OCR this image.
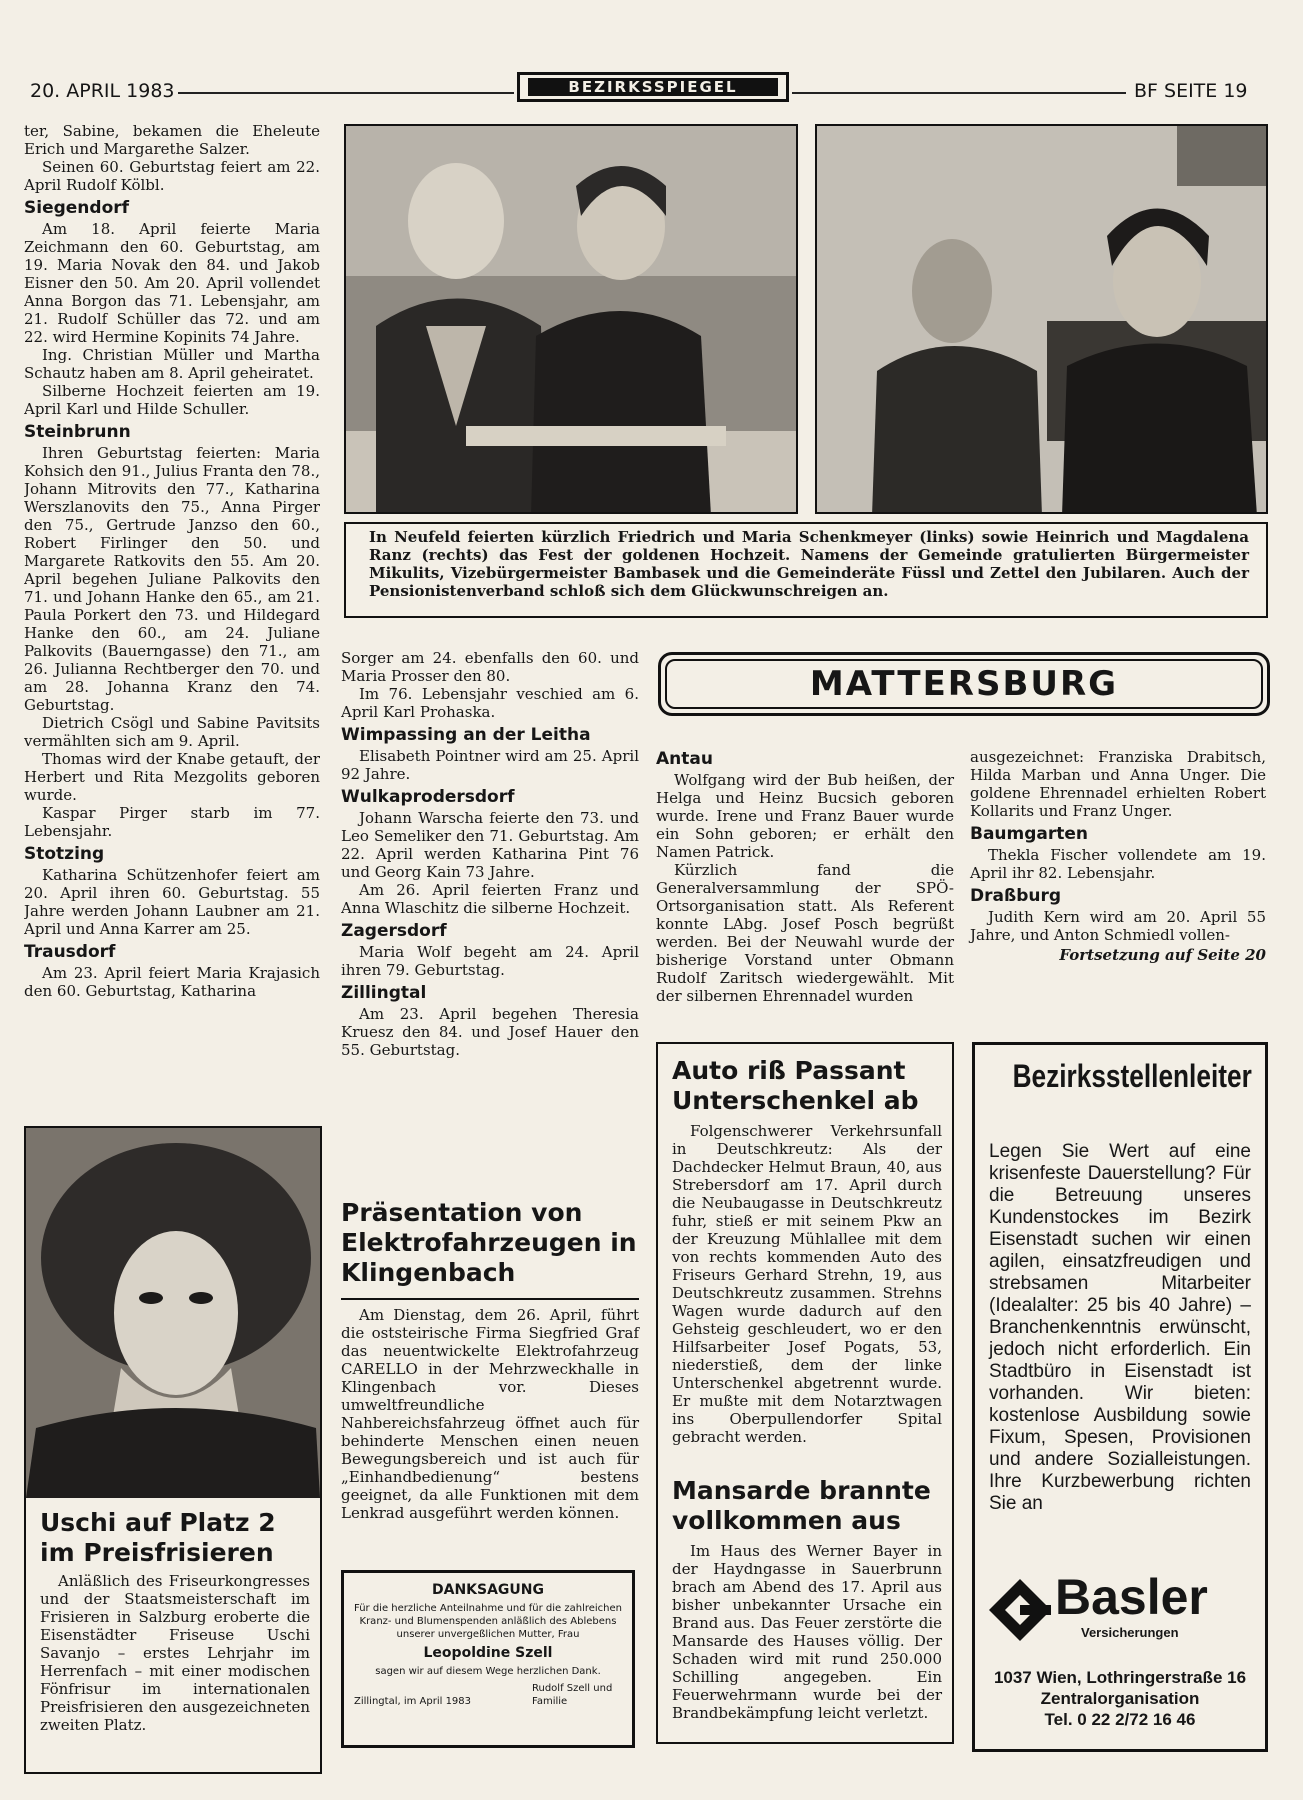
20. APRIL 1983	BEZIRKSSPIEGEL	BF SEITE 19

ter, Sabine, bekamen die Eheleute Erich und Margarethe Salzer.

Seinen 60. Geburtstag feiert am 22. April Rudolf Kölbl.

Siegendorf

Am 18. April feierte Maria Zeichmann den 60. Geburtstag, am 19. Maria Novak den 84. und Jakob Eisner den 50. Am 20. April vollendet Anna Borgon das 71. Lebensjahr, am 21. Rudolf Schüller das 72. und am 22. wird Hermine Kopinits 74 Jahre.

Ing. Christian Müller und Martha Schautz haben am 8. April geheiratet.

Silberne Hochzeit feierten am 19. April Karl und Hilde Schuller.

Steinbrunn

Ihren Geburtstag feierten: Maria Kohsich den 91., Julius Franta den 78., Johann Mitrovits den 77., Katharina Werszlanovits den 75., Anna Pirger den 75., Gertrude Janzso den 60., Robert Firlinger den 50. und Margarete Ratkovits den 55. Am 20. April begehen Juliane Palkovits den 71. und Johann Hanke den 65., am 21. Paula Porkert den 73. und Hildegard Hanke den 60., am 24. Juliane Palkovits (Bauerngasse) den 71., am 26. Julianna Rechtberger den 70. und am 28. Johanna Kranz den 74. Geburtstag.

Dietrich Csögl und Sabine Pavitsits vermählten sich am 9. April.

Thomas wird der Knabe getauft, der Herbert und Rita Mezgolits geboren wurde.

Kaspar Pirger starb im 77. Lebensjahr.

Stotzing

Katharina Schützenhofer feiert am 20. April ihren 60. Geburtstag. 55 Jahre werden Johann Laubner am 21. April und Anna Karrer am 25.

Trausdorf

Am 23. April feiert Maria Krajasich den 60. Geburtstag, Katharina

In Neufeld feierten kürzlich Friedrich und Maria Schenkmeyer (links) sowie Heinrich und Magdalena Ranz (rechts) das Fest der goldenen Hochzeit. Namens der Gemeinde gratulierten Bürgermeister Mikulits, Vizebürgermeister Bambasek und die Gemeinderäte Füssl und Zettel den Jubilaren. Auch der Pensionistenverband schloß sich dem Glückwunschreigen an.

Sorger am 24. ebenfalls den 60. und Maria Prosser den 80.

Im 76. Lebensjahr veschied am 6. April Karl Prohaska.

Wimpassing an der Leitha

Elisabeth Pointner wird am 25. April 92 Jahre.

Wulkaprodersdorf

Johann Warscha feierte den 73. und Leo Semeliker den 71. Geburtstag. Am 22. April werden Katharina Pint 76 und Georg Kain 73 Jahre.

Am 26. April feierten Franz und Anna Wlaschitz die silberne Hochzeit.

Zagersdorf

Maria Wolf begeht am 24. April ihren 79. Geburtstag.

Zillingtal

Am 23. April begehen Theresia Kruesz den 84. und Josef Hauer den 55. Geburtstag.

MATTERSBURG
Antau

Wolfgang wird der Bub heißen, der Helga und Heinz Bucsich geboren wurde. Irene und Franz Bauer wurde ein Sohn geboren; er erhält den Namen Patrick.

Kürzlich fand die Generalversammlung der SPÖ-Ortsorganisation statt. Als Referent konnte LAbg. Josef Posch begrüßt werden. Bei der Neuwahl wurde der bisherige Vorstand unter Obmann Rudolf Zaritsch wiedergewählt. Mit der silbernen Ehrennadel wurden

ausgezeichnet: Franziska Drabitsch, Hilda Marban und Anna Unger. Die goldene Ehrennadel erhielten Robert Kollarits und Franz Unger.

Baumgarten

Thekla Fischer vollendete am 19. April ihr 82. Lebensjahr.

Draßburg

Judith Kern wird am 20. April 55 Jahre, und Anton Schmiedl vollen-

Fortsetzung auf Seite 20
Uschi auf Platz 2 im Preisfrisieren

Anläßlich des Friseurkongresses und der Staatsmeisterschaft im Frisieren in Salzburg eroberte die Eisenstädter Friseuse Uschi Savanjo – erstes Lehrjahr im Herrenfach – mit einer modischen Fönfrisur im internationalen Preisfrisieren den ausgezeichneten zweiten Platz.

Präsentation von Elektrofahrzeugen in Klingenbach

Am Dienstag, dem 26. April, führt die oststeirische Firma Siegfried Graf das neuentwickelte Elektrofahrzeug CARELLO in der Mehrzweckhalle in Klingenbach vor. Dieses umweltfreundliche Nahbereichsfahrzeug öffnet auch für behinderte Menschen einen neuen Bewegungsbereich und ist auch für „Einhandbedienung“ bestens geeignet, da alle Funktionen mit dem Lenkrad ausgeführt werden können.

DANKSAGUNG
Für die herzliche Anteilnahme und für die zahlreichen Kranz- und Blumenspenden anläßlich des Ablebens unserer unvergeßlichen Mutter, Frau
Leopoldine Szell
sagen wir auf diesem Wege herzlichen Dank.
Zillingtal, im April 1983
Rudolf Szell und Familie
Auto riß Passant Unterschenkel ab

Folgenschwerer Verkehrsunfall in Deutschkreutz: Als der Dachdecker Helmut Braun, 40, aus Strebersdorf am 17. April durch die Neubaugasse in Deutschkreutz fuhr, stieß er mit seinem Pkw an der Kreuzung Mühlallee mit dem von rechts kommenden Auto des Friseurs Gerhard Strehn, 19, aus Deutschkreutz zusammen. Strehns Wagen wurde dadurch auf den Gehsteig geschleudert, wo er den Hilfsarbeiter Josef Pogats, 53, niederstieß, dem der linke Unterschenkel abgetrennt wurde. Er mußte mit dem Notarztwagen ins Oberpullendorfer Spital gebracht werden.

Mansarde brannte vollkommen aus

Im Haus des Werner Bayer in der Haydngasse in Sauerbrunn brach am Abend des 17. April aus bisher unbekannter Ursache ein Brand aus. Das Feuer zerstörte die Mansarde des Hauses völlig. Der Schaden wird mit rund 250.000 Schilling angegeben. Ein Feuerwehrmann wurde bei der Brandbekämpfung leicht verletzt.

Bezirksstellenleiter
Legen Sie Wert auf eine krisenfeste Dauerstellung? Für die Betreuung unseres Kundenstockes im Bezirk Eisenstadt suchen wir einen agilen, einsatzfreudigen und strebsamen Mitarbeiter (Idealalter: 25 bis 40 Jahre) – Branchenkenntnis erwünscht, jedoch nicht erforderlich. Ein Stadtbüro in Eisenstadt ist vorhanden. Wir bieten: kostenlose Ausbildung sowie Fixum, Spesen, Provisionen und andere Sozialleistungen. Ihre Kurzbewerbung richten Sie an
Basler
Versicherungen
1037 Wien, Lothringerstraße 16
Zentralorganisation
Tel. 0 22 2/72 16 46
